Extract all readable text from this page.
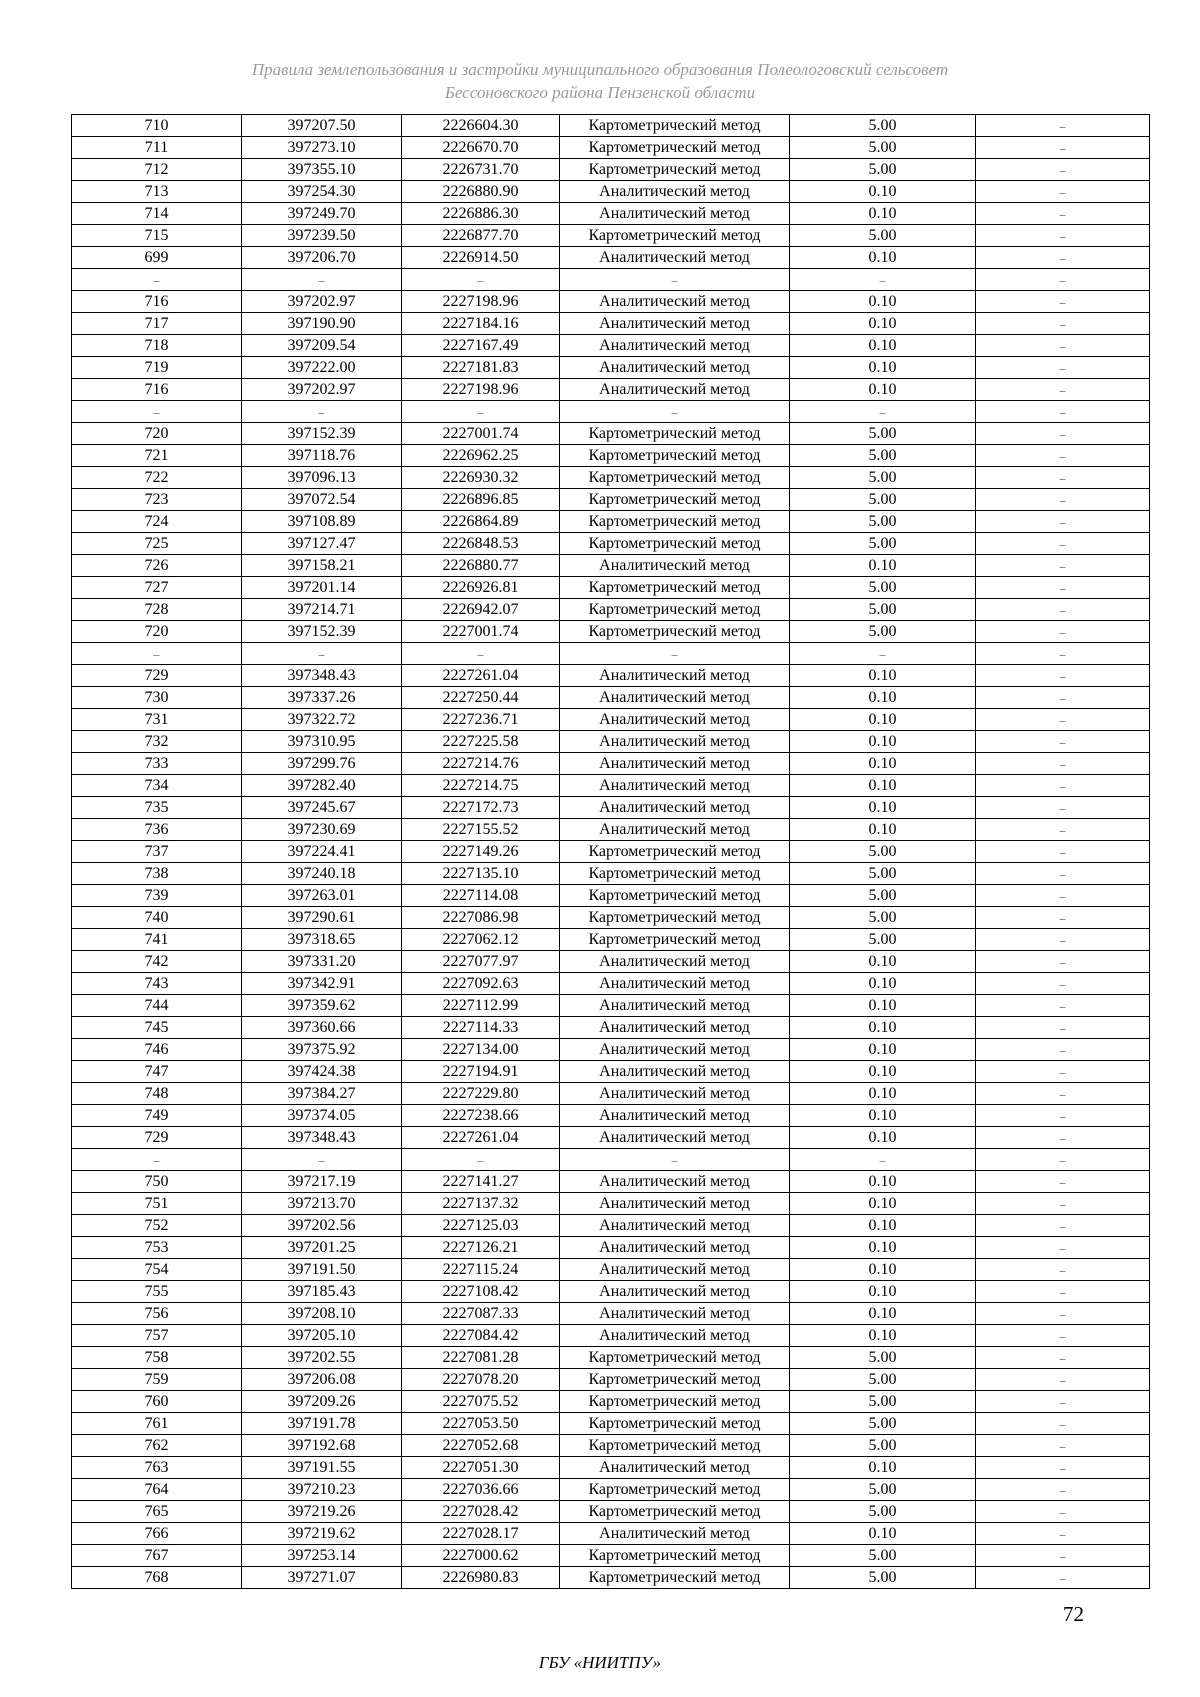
Правила землепользования и застройки муниципального образования Полеологовский сельсовет
Бессоновского района Пензенской области
710	397207.50	2226604.30	Картометрический метод	5.00	–
711	397273.10	2226670.70	Картометрический метод	5.00	–
712	397355.10	2226731.70	Картометрический метод	5.00	–
713	397254.30	2226880.90	Аналитический метод	0.10	–
714	397249.70	2226886.30	Аналитический метод	0.10	–
715	397239.50	2226877.70	Картометрический метод	5.00	–
699	397206.70	2226914.50	Аналитический метод	0.10	–
–	–	–	–	–	–
716	397202.97	2227198.96	Аналитический метод	0.10	–
717	397190.90	2227184.16	Аналитический метод	0.10	–
718	397209.54	2227167.49	Аналитический метод	0.10	–
719	397222.00	2227181.83	Аналитический метод	0.10	–
716	397202.97	2227198.96	Аналитический метод	0.10	–
–	–	–	–	–	–
720	397152.39	2227001.74	Картометрический метод	5.00	–
721	397118.76	2226962.25	Картометрический метод	5.00	–
722	397096.13	2226930.32	Картометрический метод	5.00	–
723	397072.54	2226896.85	Картометрический метод	5.00	–
724	397108.89	2226864.89	Картометрический метод	5.00	–
725	397127.47	2226848.53	Картометрический метод	5.00	–
726	397158.21	2226880.77	Аналитический метод	0.10	–
727	397201.14	2226926.81	Картометрический метод	5.00	–
728	397214.71	2226942.07	Картометрический метод	5.00	–
720	397152.39	2227001.74	Картометрический метод	5.00	–
–	–	–	–	–	–
729	397348.43	2227261.04	Аналитический метод	0.10	–
730	397337.26	2227250.44	Аналитический метод	0.10	–
731	397322.72	2227236.71	Аналитический метод	0.10	–
732	397310.95	2227225.58	Аналитический метод	0.10	–
733	397299.76	2227214.76	Аналитический метод	0.10	–
734	397282.40	2227214.75	Аналитический метод	0.10	–
735	397245.67	2227172.73	Аналитический метод	0.10	–
736	397230.69	2227155.52	Аналитический метод	0.10	–
737	397224.41	2227149.26	Картометрический метод	5.00	–
738	397240.18	2227135.10	Картометрический метод	5.00	–
739	397263.01	2227114.08	Картометрический метод	5.00	–
740	397290.61	2227086.98	Картометрический метод	5.00	–
741	397318.65	2227062.12	Картометрический метод	5.00	–
742	397331.20	2227077.97	Аналитический метод	0.10	–
743	397342.91	2227092.63	Аналитический метод	0.10	–
744	397359.62	2227112.99	Аналитический метод	0.10	–
745	397360.66	2227114.33	Аналитический метод	0.10	–
746	397375.92	2227134.00	Аналитический метод	0.10	–
747	397424.38	2227194.91	Аналитический метод	0.10	–
748	397384.27	2227229.80	Аналитический метод	0.10	–
749	397374.05	2227238.66	Аналитический метод	0.10	–
729	397348.43	2227261.04	Аналитический метод	0.10	–
–	–	–	–	–	–
750	397217.19	2227141.27	Аналитический метод	0.10	–
751	397213.70	2227137.32	Аналитический метод	0.10	–
752	397202.56	2227125.03	Аналитический метод	0.10	–
753	397201.25	2227126.21	Аналитический метод	0.10	–
754	397191.50	2227115.24	Аналитический метод	0.10	–
755	397185.43	2227108.42	Аналитический метод	0.10	–
756	397208.10	2227087.33	Аналитический метод	0.10	–
757	397205.10	2227084.42	Аналитический метод	0.10	–
758	397202.55	2227081.28	Картометрический метод	5.00	–
759	397206.08	2227078.20	Картометрический метод	5.00	–
760	397209.26	2227075.52	Картометрический метод	5.00	–
761	397191.78	2227053.50	Картометрический метод	5.00	–
762	397192.68	2227052.68	Картометрический метод	5.00	–
763	397191.55	2227051.30	Аналитический метод	0.10	–
764	397210.23	2227036.66	Картометрический метод	5.00	–
765	397219.26	2227028.42	Картометрический метод	5.00	–
766	397219.62	2227028.17	Аналитический метод	0.10	–
767	397253.14	2227000.62	Картометрический метод	5.00	–
768	397271.07	2226980.83	Картометрический метод	5.00	–
72
ГБУ «НИИТПУ»
